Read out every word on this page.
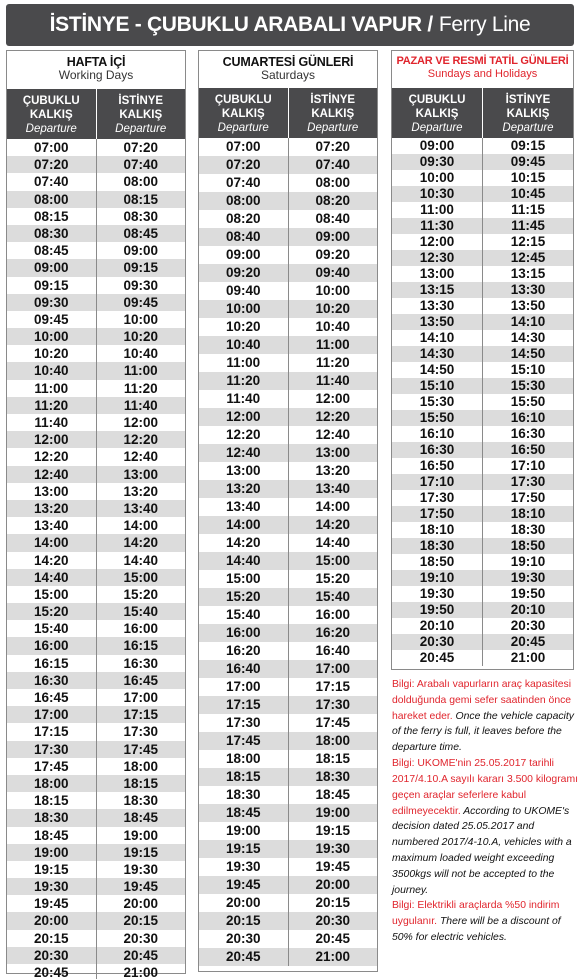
İSTİNYE - ÇUBUKLU ARABALI VAPUR / Ferry Line
HAFTA İÇİ
Working Days
ÇUBUKLU KALKIŞ
Departure
İSTİNYE KALKIŞ
Departure
07:00	07:20
07:20	07:40
07:40	08:00
08:00	08:15
08:15	08:30
08:30	08:45
08:45	09:00
09:00	09:15
09:15	09:30
09:30	09:45
09:45	10:00
10:00	10:20
10:20	10:40
10:40	11:00
11:00	11:20
11:20	11:40
11:40	12:00
12:00	12:20
12:20	12:40
12:40	13:00
13:00	13:20
13:20	13:40
13:40	14:00
14:00	14:20
14:20	14:40
14:40	15:00
15:00	15:20
15:20	15:40
15:40	16:00
16:00	16:15
16:15	16:30
16:30	16:45
16:45	17:00
17:00	17:15
17:15	17:30
17:30	17:45
17:45	18:00
18:00	18:15
18:15	18:30
18:30	18:45
18:45	19:00
19:00	19:15
19:15	19:30
19:30	19:45
19:45	20:00
20:00	20:15
20:15	20:30
20:30	20:45
20:45	21:00
CUMARTESİ GÜNLERİ
Saturdays
ÇUBUKLU KALKIŞ
Departure
İSTİNYE KALKIŞ
Departure
07:00	07:20
07:20	07:40
07:40	08:00
08:00	08:20
08:20	08:40
08:40	09:00
09:00	09:20
09:20	09:40
09:40	10:00
10:00	10:20
10:20	10:40
10:40	11:00
11:00	11:20
11:20	11:40
11:40	12:00
12:00	12:20
12:20	12:40
12:40	13:00
13:00	13:20
13:20	13:40
13:40	14:00
14:00	14:20
14:20	14:40
14:40	15:00
15:00	15:20
15:20	15:40
15:40	16:00
16:00	16:20
16:20	16:40
16:40	17:00
17:00	17:15
17:15	17:30
17:30	17:45
17:45	18:00
18:00	18:15
18:15	18:30
18:30	18:45
18:45	19:00
19:00	19:15
19:15	19:30
19:30	19:45
19:45	20:00
20:00	20:15
20:15	20:30
20:30	20:45
20:45	21:00
PAZAR VE RESMİ TATİL GÜNLERİ
Sundays and Holidays
ÇUBUKLU KALKIŞ
Departure
İSTİNYE KALKIŞ
Departure
09:00	09:15
09:30	09:45
10:00	10:15
10:30	10:45
11:00	11:15
11:30	11:45
12:00	12:15
12:30	12:45
13:00	13:15
13:15	13:30
13:30	13:50
13:50	14:10
14:10	14:30
14:30	14:50
14:50	15:10
15:10	15:30
15:30	15:50
15:50	16:10
16:10	16:30
16:30	16:50
16:50	17:10
17:10	17:30
17:30	17:50
17:50	18:10
18:10	18:30
18:30	18:50
18:50	19:10
19:10	19:30
19:30	19:50
19:50	20:10
20:10	20:30
20:30	20:45
20:45	21:00

Bilgi: Arabalı vapurların araç kapasitesi dolduğunda gemi sefer saatinden önce hareket eder. Once the vehicle capacity of the ferry is full, it leaves before the departure time.

Bilgi: UKOME'nin 25.05.2017 tarihli 2017/4.10.A sayılı kararı 3.500 kilogramı geçen araçlar seferlere kabul edilmeyecektir. According to UKOME's decision dated 25.05.2017 and numbered 2017/4-10.A, vehicles with a maximum loaded weight exceeding 3500kgs will not be accepted to the journey.

Bilgi: Elektrikli araçlarda %50 indirim uygulanır. There will be a discount of 50% for electric vehicles.
